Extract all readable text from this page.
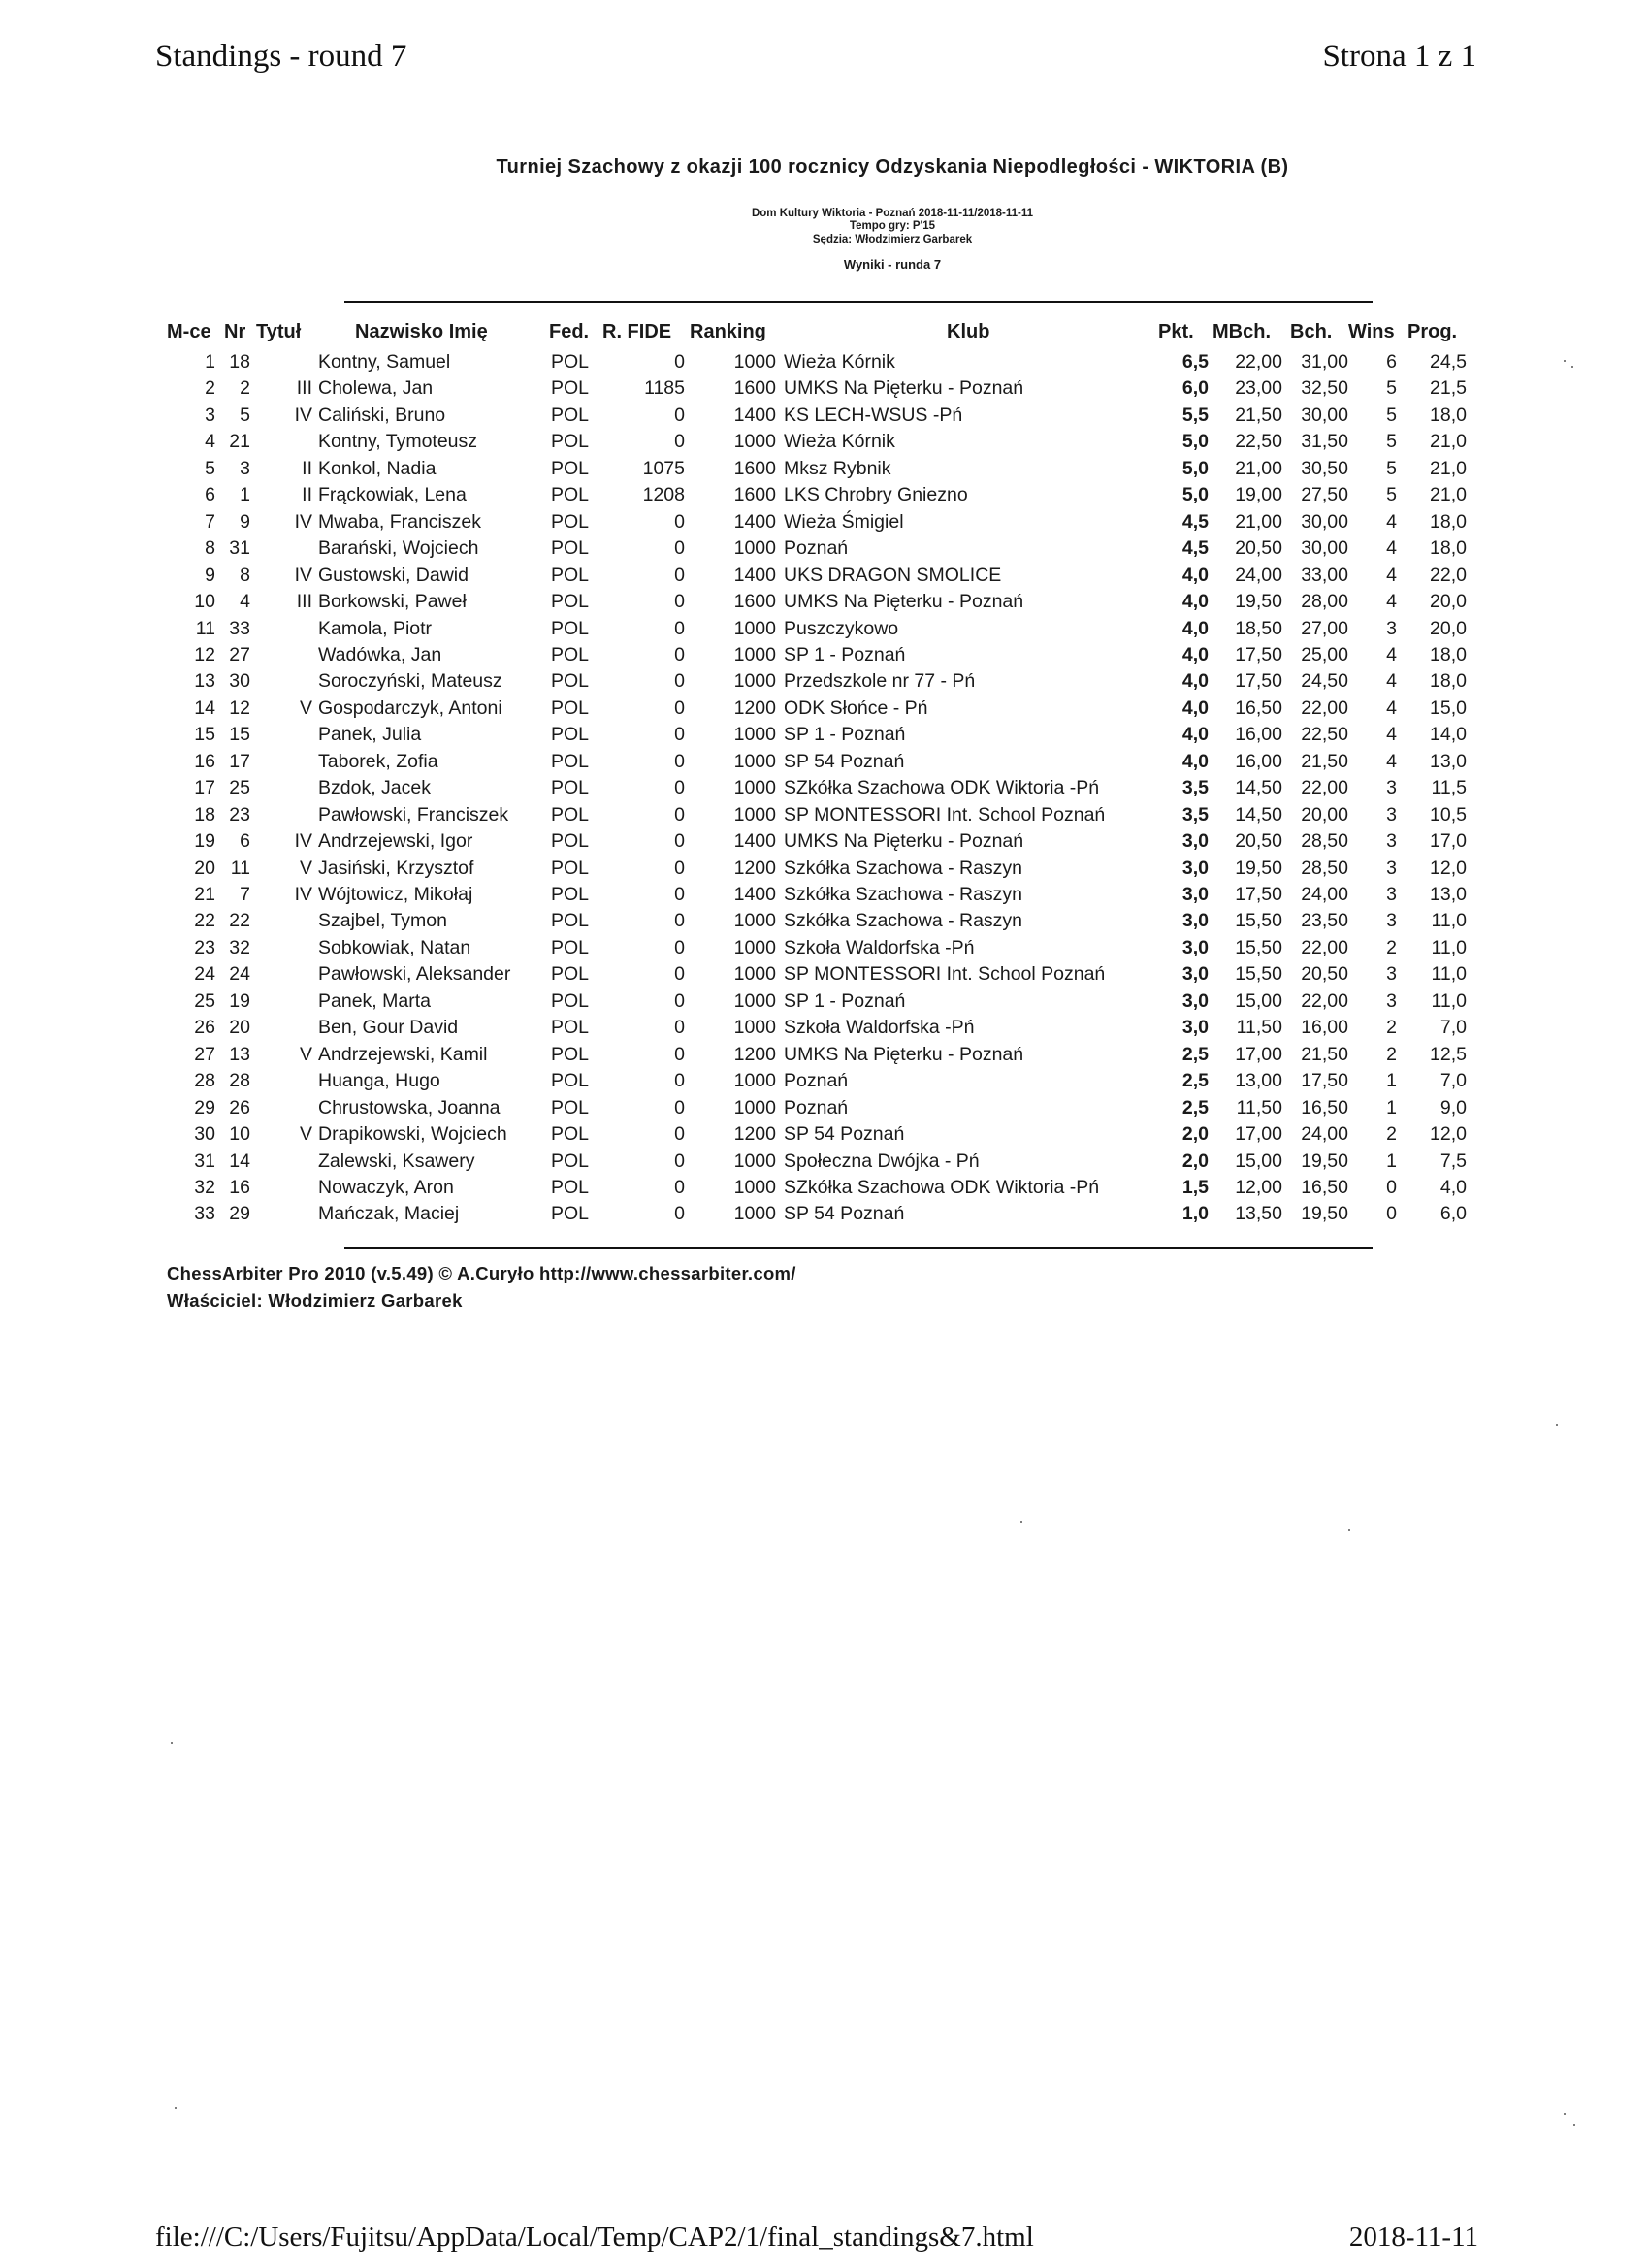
Standings - round 7	Strona 1 z 1
Turniej Szachowy z okazji 100 rocznicy Odzyskania Niepodległości - WIKTORIA (B)
Dom Kultury Wiktoria - Poznań 2018-11-11/2018-11-11
Tempo gry: P'15
Sędzia: Włodzimierz Garbarek
Wyniki - runda 7
M-ce Nr Tytuł	Nazwisko Imię	Fed. R. FIDE Ranking	Klub	Pkt. MBch. Bch. Wins Prog.
1 18	Kontny, Samuel	POL	0	1000 Wieża Kórnik	6,5	22,00 31,00	6	24,5
2	2	III Cholewa, Jan	POL	1185	1600 UMKS Na Pięterku - Poznań	6,0	23,00 32,50	5	21,5
3	5	IV Caliński, Bruno	POL	0	1400 KS LECH-WSUS -Pń	5,5	21,50 30,00	5	18,0
4 21	Kontny, Tymoteusz	POL	0	1000 Wieża Kórnik	5,0	22,50 31,50	5	21,0
5	3	II Konkol, Nadia	POL	1075	1600 Mksz Rybnik	5,0	21,00 30,50	5	21,0
6	1	II Frąckowiak, Lena	POL	1208	1600 LKS Chrobry Gniezno	5,0	19,00 27,50	5	21,0
7	9	IV Mwaba, Franciszek	POL	0	1400 Wieża Śmigiel	4,5	21,00 30,00	4	18,0
8 31	Barański, Wojciech	POL	0	1000 Poznań	4,5	20,50 30,00	4	18,0
9	8	IV Gustowski, Dawid	POL	0	1400 UKS DRAGON SMOLICE	4,0	24,00 33,00	4	22,0
10	4	III Borkowski, Paweł	POL	0	1600 UMKS Na Pięterku - Poznań	4,0	19,50 28,00	4	20,0
11 33	Kamola, Piotr	POL	0	1000 Puszczykowo	4,0	18,50 27,00	3	20,0
12 27	Wadówka, Jan	POL	0	1000 SP 1 - Poznań	4,0	17,50 25,00	4	18,0
13 30	Soroczyński, Mateusz	POL	0	1000 Przedszkole nr 77 - Pń	4,0	17,50 24,50	4	18,0
14 12	V Gospodarczyk, Antoni	POL	0	1200 ODK Słońce - Pń	4,0	16,50 22,00	4	15,0
15 15	Panek, Julia	POL	0	1000 SP 1 - Poznań	4,0	16,00 22,50	4	14,0
16 17	Taborek, Zofia	POL	0	1000 SP 54 Poznań	4,0	16,00 21,50	4	13,0
17 25	Bzdok, Jacek	POL	0	1000 SZkółka Szachowa ODK Wiktoria -Pń	3,5	14,50 22,00	3	11,5
18 23	Pawłowski, Franciszek	POL	0	1000 SP MONTESSORI Int. School Poznań	3,5	14,50 20,00	3	10,5
19	6	IV Andrzejewski, Igor	POL	0	1400 UMKS Na Pięterku - Poznań	3,0	20,50 28,50	3	17,0
20 11	V Jasiński, Krzysztof	POL	0	1200 Szkółka Szachowa - Raszyn	3,0	19,50 28,50	3	12,0
21	7	IV Wójtowicz, Mikołaj	POL	0	1400 Szkółka Szachowa - Raszyn	3,0	17,50 24,00	3	13,0
22 22	Szajbel, Tymon	POL	0	1000 Szkółka Szachowa - Raszyn	3,0	15,50 23,50	3	11,0
23 32	Sobkowiak, Natan	POL	0	1000 Szkoła Waldorfska -Pń	3,0	15,50 22,00	2	11,0
24 24	Pawłowski, Aleksander	POL	0	1000 SP MONTESSORI Int. School Poznań	3,0	15,50 20,50	3	11,0
25 19	Panek, Marta	POL	0	1000 SP 1 - Poznań	3,0	15,00 22,00	3	11,0
26 20	Ben, Gour David	POL	0	1000 Szkoła Waldorfska -Pń	3,0	11,50 16,00	2	7,0
27 13	V Andrzejewski, Kamil	POL	0	1200 UMKS Na Pięterku - Poznań	2,5	17,00 21,50	2	12,5
28 28	Huanga, Hugo	POL	0	1000 Poznań	2,5	13,00 17,50	1	7,0
29 26	Chrustowska, Joanna	POL	0	1000 Poznań	2,5	11,50 16,50	1	9,0
30 10	V Drapikowski, Wojciech	POL	0	1200 SP 54 Poznań	2,0	17,00 24,00	2	12,0
31 14	Zalewski, Ksawery	POL	0	1000 Społeczna Dwójka - Pń	2,0	15,00 19,50	1	7,5
32 16	Nowaczyk, Aron	POL	0	1000 SZkółka Szachowa ODK Wiktoria -Pń	1,5	12,00 16,50	0	4,0
33 29	Mańczak, Maciej	POL	0	1000 SP 54 Poznań	1,0	13,50 19,50	0	6,0
ChessArbiter Pro 2010 (v.5.49) © A.Curyło http://www.chessarbiter.com/
Właściciel: Włodzimierz Garbarek
file:///C:/Users/Fujitsu/AppData/Local/Temp/CAP2/1/final_standings&7.html	2018-11-11
